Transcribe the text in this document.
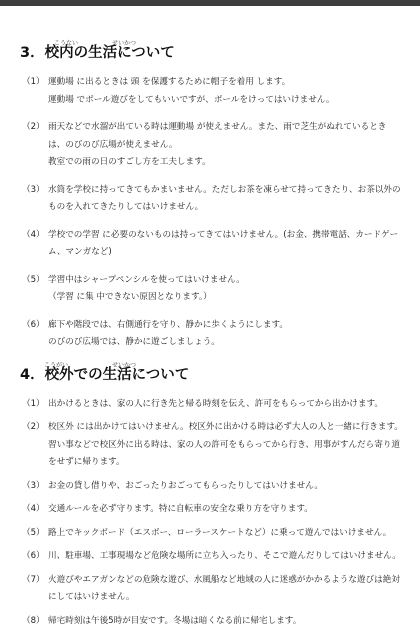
こうない	せいかつ
3．校内の生活について
（1） 運動場 に出るときは 頭 を保護するために帽子を着用 します。
運動場 でボール遊びをしてもいいですが、ボールをけってはいけません。
（2） 雨天などで水溜が出ている時は運動場 が使えません。また、雨で芝生がぬれているとき
は、のびのび広場が使えません。
教室での雨の日のすごし方を工夫します。
（3） 水筒を学校に持ってきてもかまいません。ただしお茶を凍らせて持ってきたり、お茶以外の
ものを入れてきたりしてはいけません。
（4） 学校での学習 に必要のないものは持ってきてはいけません。(お金、携帯電話、カードゲー
ム、マンガなど)
（5） 学習中はシャープペンシルを使ってはいけません。
（学習 に集 中できない原因となります。）
（6） 廊下や階段では、右側通行を守り、静かに歩くようにします。
のびのび広場では、静かに遊ごしましょう。
こうがい	せいかつ
4．校外での生活について
（1） 出かけるときは、家の人に行き先と帰る時刻を伝え、許可をもらってから出かけます。
（2） 校区外 には出かけてはいけません。校区外に出かける時は必ず大人の人と一緒に行きます。
習い事などで校区外に出る時は、家の人の許可をもらってから行き、用事がすんだら寄り道
をせずに帰ります。
（3） お金の貸し借りや、おごったりおごってもらったりしてはいけません。
（4） 交通ルールを必ず守ります。特に自転車の安全な乗り方を守ります。
（5） 路上でキックボード（エスボー、ローラースケートなど）に乗って遊んではいけません。
（6） 川、駐車場、工事現場など危険な場所に立ち入ったり、そこで遊んだりしてはいけません。
（7） 火遊びやエアガンなどの危険な遊び、水風船など地域の人に迷惑がかかるような遊びは絶対
にしてはいけません。
（8） 帰宅時刻は午後5時が目安です。冬場は暗くなる前に帰宅します。
